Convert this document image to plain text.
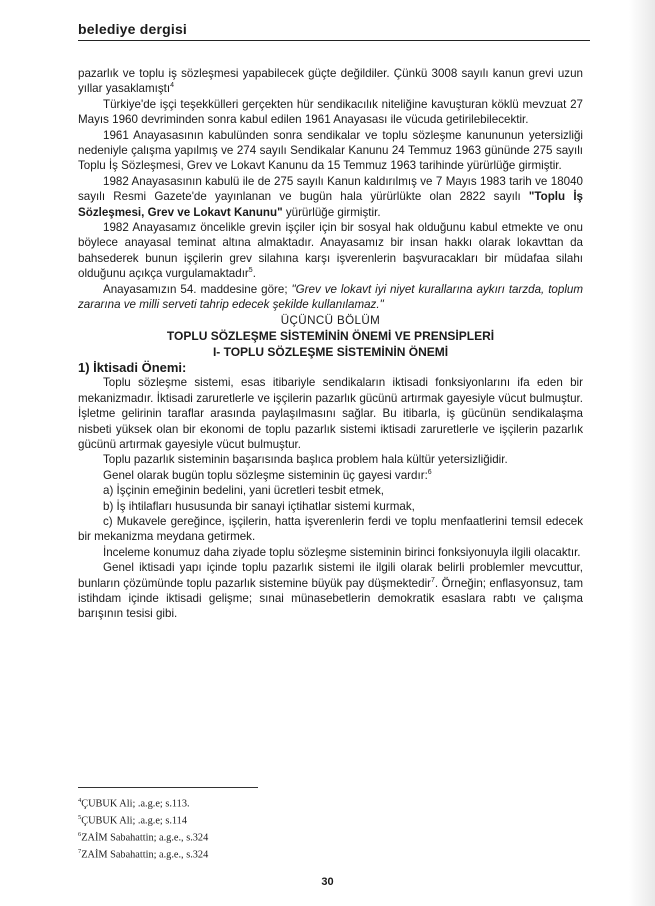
belediye dergisi

pazarlık ve toplu iş sözleşmesi yapabilecek güçte değildiler. Çünkü 3008 sayılı kanun grevi uzun yıllar yasaklamıştı$^4$

Türkiye'de işçi teşekkülleri gerçekten hür sendikacılık niteliğine kavuşturan köklü mevzuat 27 Mayıs 1960 devriminden sonra kabul edilen 1961 Anayasası ile vücuda getirilebilecektir.

1961 Anayasasının kabulünden sonra sendikalar ve toplu sözleşme kanununun yetersizliği nedeniyle çalışma yapılmış ve 274 sayılı Sendikalar Kanunu 24 Temmuz 1963 gününde 275 sayılı Toplu İş Sözleşmesi, Grev ve Lokavt Kanunu da 15 Temmuz 1963 tarihinde yürürlüğe girmiştir.

1982 Anayasasının kabulü ile de 275 sayılı Kanun kaldırılmış ve 7 Mayıs 1983 tarih ve 18040 sayılı Resmi Gazete'de yayınlanan ve bugün hala yürürlükte olan 2822 sayılı "Toplu İş Sözleşmesi, Grev ve Lokavt Kanunu" yürürlüğe girmiştir.

1982 Anayasamız öncelikle grevin işçiler için bir sosyal hak olduğunu kabul etmekte ve onu böylece anayasal teminat altına almaktadır. Anayasamız bir insan hakkı olarak lokavttan da bahsederek bunun işçilerin grev silahına karşı işverenlerin başvuracakları bir müdafaa silahı olduğunu açıkça vurgulamaktadır$^5$.

Anayasamızın 54. maddesine göre; "Grev ve lokavt iyi niyet kurallarına aykırı tarzda, toplum zararına ve milli serveti tahrip edecek şekilde kullanılamaz."

ÜÇÜNCÜ BÖLÜM

TOPLU SÖZLEŞME SİSTEMİNİN ÖNEMİ VE PRENSİPLERİ

I- TOPLU SÖZLEŞME SİSTEMİNİN ÖNEMİ

1) İktisadi Önemi:

Toplu sözleşme sistemi, esas itibariyle sendikaların iktisadi fonksiyonlarını ifa eden bir mekanizmadır. İktisadi zaruretlerle ve işçilerin pazarlık gücünü artırmak gayesiyle vücut bulmuştur. İşletme gelirinin taraflar arasında paylaşılmasını sağlar. Bu itibarla, iş gücünün sendikalaşma nisbeti yüksek olan bir ekonomi de toplu pazarlık sistemi iktisadi zaruretlerle ve işçilerin pazarlık gücünü artırmak gayesiyle vücut bulmuştur.

Toplu pazarlık sisteminin başarısında başlıca problem hala kültür yetersizliğidir.

Genel olarak bugün toplu sözleşme sisteminin üç gayesi vardır:$^6$

a) İşçinin emeğinin bedelini, yani ücretleri tesbit etmek,

b) İş ihtilafları hususunda bir sanayi içtihatlar sistemi kurmak,

c) Mukavele gereğince, işçilerin, hatta işverenlerin ferdi ve toplu menfaatlerini temsil edecek bir mekanizma meydana getirmek.

İnceleme konumuz daha ziyade toplu sözleşme sisteminin birinci fonksiyonuyla ilgili olacaktır.

Genel iktisadi yapı içinde toplu pazarlık sistemi ile ilgili olarak belirli problemler mevcuttur, bunların çözümünde toplu pazarlık sistemine büyük pay düşmektedir$^7$. Örneğin; enflasyonsuz, tam istihdam içinde iktisadi gelişme; sınai münasebetlerin demokratik esaslara rabtı ve çalışma barışının tesisi gibi.

$^4$ÇUBUK Ali; .a.g.e; s.113.
$^5$ÇUBUK Ali; .a.g.e; s.114
$^6$ZAİM Sabahattin; a.g.e., s.324
$^7$ZAİM Sabahattin; a.g.e., s.324
30
